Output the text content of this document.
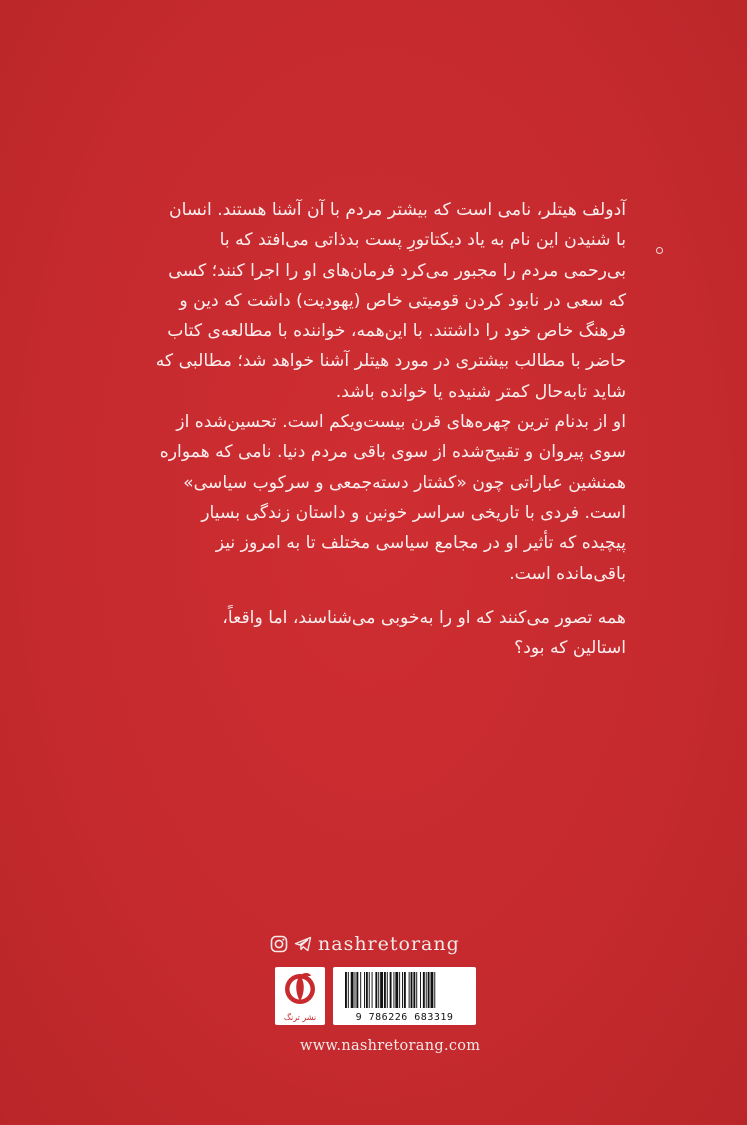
آدولف هیتلر، نامی است که بیشتر مردم با آن آشنا هستند. انسان
با شنیدن این نام به یاد دیکتاتورِ پست بدذاتی می‌افتد که با
بی‌رحمی مردم را مجبور می‌کرد فرمان‌های او را اجرا کنند؛ کسی
که سعی در نابود کردن قومیتی خاص (یهودیت) داشت که دین و
فرهنگ خاص خود را داشتند. با این‌همه، خواننده با مطالعه‌ی کتاب
حاضر با مطالب بیشتری در مورد هیتلر آشنا خواهد شد؛ مطالبی که
شاید تابه‌حال کمتر شنیده یا خوانده باشد.

او از بدنام ترین چهره‌های قرن بیست‌ویکم است. تحسین‌شده از
سوی پیروان و تقبیح‌شده از سوی باقی مردم دنیا. نامی که همواره
همنشین عباراتی چون «کشتار دسته‌جمعی و سرکوب سیاسی»
است. فردی با تاریخی سراسر خونین و داستان زندگی بسیار
پیچیده که تأثیر او در مجامع سیاسی مختلف تا به امروز نیز
باقی‌مانده است.

همه تصور می‌کنند که او را به‌خوبی می‌شناسند، اما واقعاً،
استالین که بود؟

nashretorang
نشر ترنگ	9 786226 683319
www.nashretorang.com
